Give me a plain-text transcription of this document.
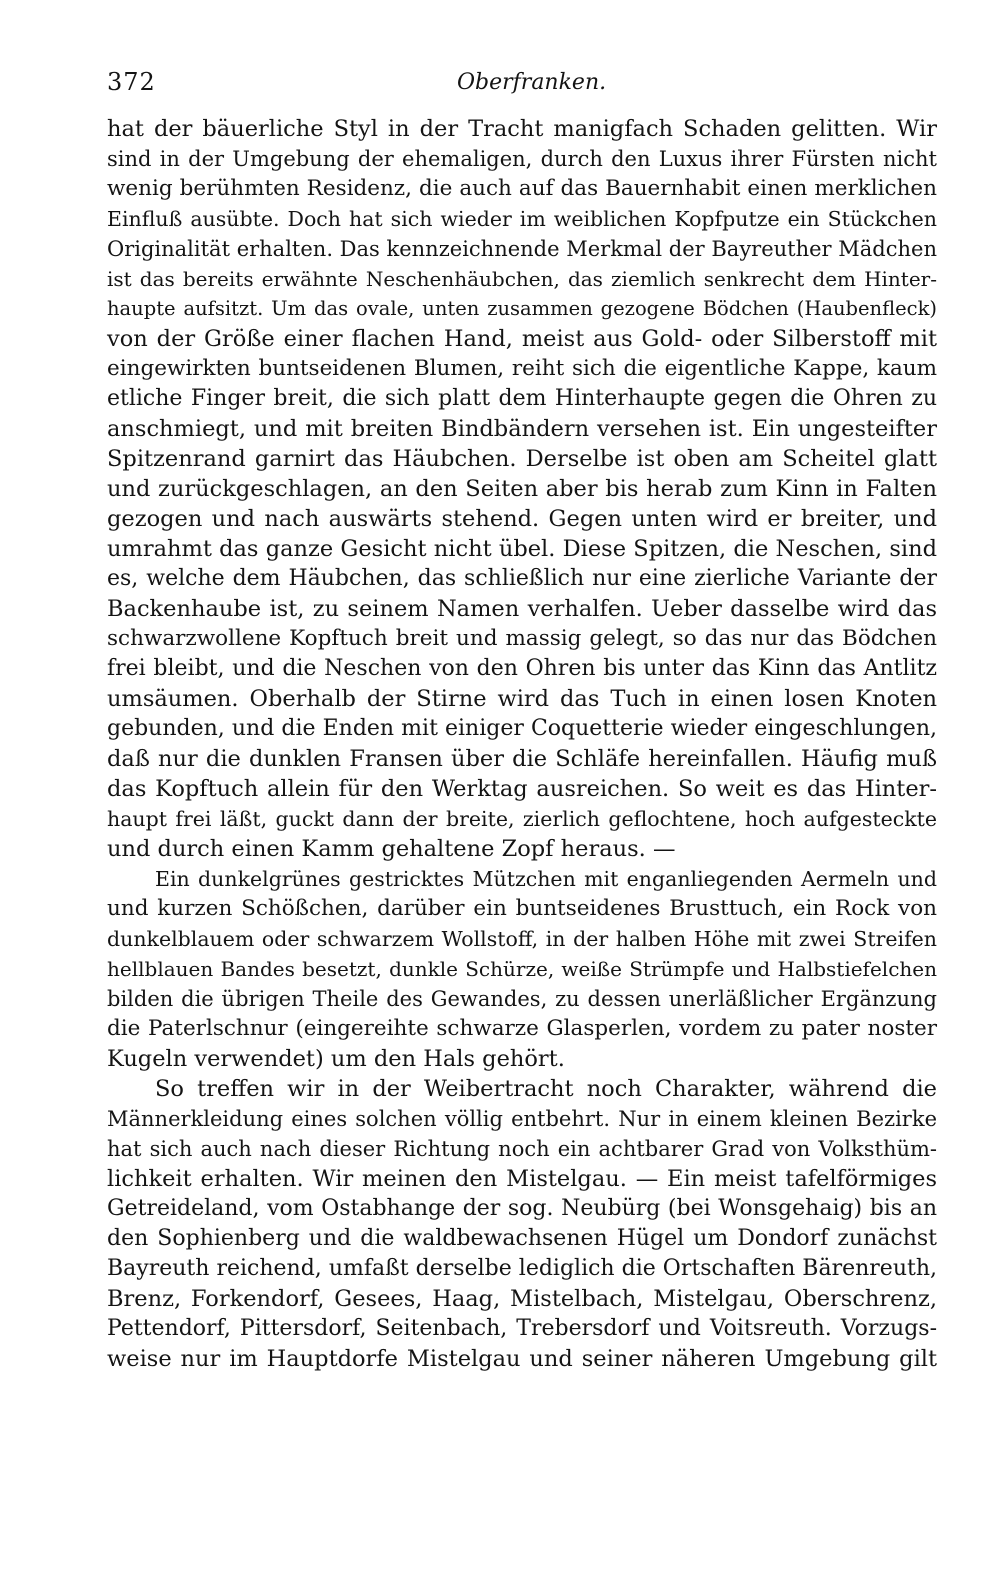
372	Oberfranken.
hat der bäuerliche Styl in der Tracht manigfach Schaden gelitten. Wir
sind in der Umgebung der ehemaligen, durch den Luxus ihrer Fürsten nicht
wenig berühmten Residenz, die auch auf das Bauernhabit einen merklichen
Einfluß ausübte. Doch hat sich wieder im weiblichen Kopfputze ein Stückchen
Originalität erhalten. Das kennzeichnende Merkmal der Bayreuther Mädchen
ist das bereits erwähnte Neschenhäubchen, das ziemlich senkrecht dem Hinter-
haupte aufsitzt. Um das ovale, unten zusammen gezogene Bödchen (Haubenfleck)
von der Größe einer flachen Hand, meist aus Gold- oder Silberstoff mit
eingewirkten buntseidenen Blumen, reiht sich die eigentliche Kappe, kaum
etliche Finger breit, die sich platt dem Hinterhaupte gegen die Ohren zu
anschmiegt, und mit breiten Bindbändern versehen ist. Ein ungesteifter
Spitzenrand garnirt das Häubchen. Derselbe ist oben am Scheitel glatt
und zurückgeschlagen, an den Seiten aber bis herab zum Kinn in Falten
gezogen und nach auswärts stehend. Gegen unten wird er breiter, und
umrahmt das ganze Gesicht nicht übel. Diese Spitzen, die Neschen, sind
es, welche dem Häubchen, das schließlich nur eine zierliche Variante der
Backenhaube ist, zu seinem Namen verhalfen. Ueber dasselbe wird das
schwarzwollene Kopftuch breit und massig gelegt, so das nur das Bödchen
frei bleibt, und die Neschen von den Ohren bis unter das Kinn das Antlitz
umsäumen. Oberhalb der Stirne wird das Tuch in einen losen Knoten
gebunden, und die Enden mit einiger Coquetterie wieder eingeschlungen,
daß nur die dunklen Fransen über die Schläfe hereinfallen. Häufig muß
das Kopftuch allein für den Werktag ausreichen. So weit es das Hinter-
haupt frei läßt, guckt dann der breite, zierlich geflochtene, hoch aufgesteckte
und durch einen Kamm gehaltene Zopf heraus. —
Ein dunkelgrünes gestricktes Mützchen mit enganliegenden Aermeln und
und kurzen Schößchen, darüber ein buntseidenes Brusttuch, ein Rock von
dunkelblauem oder schwarzem Wollstoff, in der halben Höhe mit zwei Streifen
hellblauen Bandes besetzt, dunkle Schürze, weiße Strümpfe und Halbstiefelchen
bilden die übrigen Theile des Gewandes, zu dessen unerläßlicher Ergänzung
die Paterlschnur (eingereihte schwarze Glasperlen, vordem zu pater noster
Kugeln verwendet) um den Hals gehört.
So treffen wir in der Weibertracht noch Charakter, während die
Männerkleidung eines solchen völlig entbehrt. Nur in einem kleinen Bezirke
hat sich auch nach dieser Richtung noch ein achtbarer Grad von Volksthüm-
lichkeit erhalten. Wir meinen den Mistelgau. — Ein meist tafelförmiges
Getreideland, vom Ostabhange der sog. Neubürg (bei Wonsgehaig) bis an
den Sophienberg und die waldbewachsenen Hügel um Dondorf zunächst
Bayreuth reichend, umfaßt derselbe lediglich die Ortschaften Bärenreuth,
Brenz, Forkendorf, Gesees, Haag, Mistelbach, Mistelgau, Oberschrenz,
Pettendorf, Pittersdorf, Seitenbach, Trebersdorf und Voitsreuth. Vorzugs-
weise nur im Hauptdorfe Mistelgau und seiner näheren Umgebung gilt
